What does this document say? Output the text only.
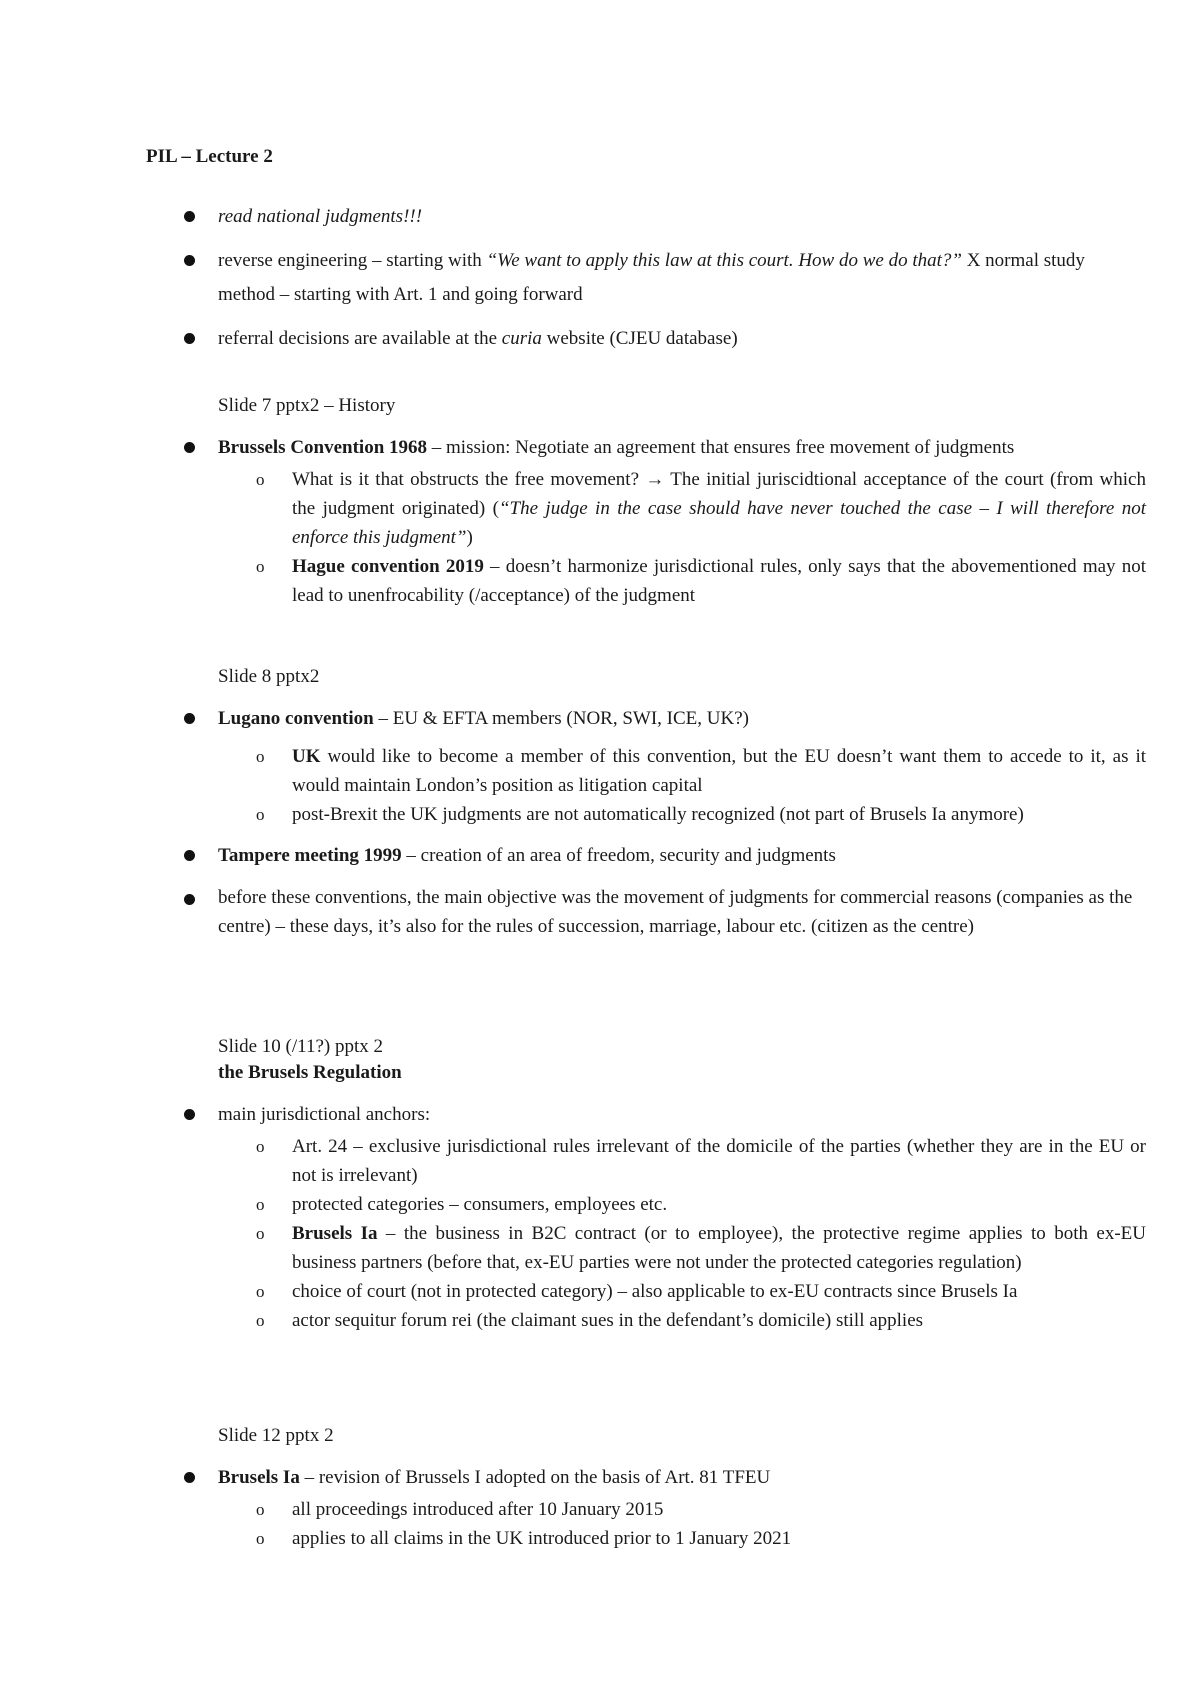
PIL – Lecture 2
read national judgments!!!
reverse engineering – starting with “We want to apply this law at this court. How do we do that?” X normal study method – starting with Art. 1 and going forward
referral decisions are available at the curia website (CJEU database)
Slide 7 pptx2 – History
Brussels Convention 1968 – mission: Negotiate an agreement that ensures free movement of judgments
o What is it that obstructs the free movement? → The initial juriscidtional acceptance of the court (from which the judgment originated) (“The judge in the case should have never touched the case – I will therefore not enforce this judgment”)
o Hague convention 2019 – doesn’t harmonize jurisdictional rules, only says that the abovementioned may not lead to unenfrocability (/acceptance) of the judgment
Slide 8 pptx2
Lugano convention – EU & EFTA members (NOR, SWI, ICE, UK?)
o UK would like to become a member of this convention, but the EU doesn’t want them to accede to it, as it would maintain London’s position as litigation capital
o post-Brexit the UK judgments are not automatically recognized (not part of Brusels Ia anymore)
Tampere meeting 1999 – creation of an area of freedom, security and judgments
before these conventions, the main objective was the movement of judgments for commercial reasons (companies as the centre) – these days, it’s also for the rules of succession, marriage, labour etc. (citizen as the centre)
Slide 10 (/11?) pptx 2
the Brusels Regulation
main jurisdictional anchors:
o Art. 24 – exclusive jurisdictional rules irrelevant of the domicile of the parties (whether they are in the EU or not is irrelevant)
o protected categories – consumers, employees etc.
o Brusels Ia – the business in B2C contract (or to employee), the protective regime applies to both ex-EU business partners (before that, ex-EU parties were not under the protected categories regulation)
o choice of court (not in protected category) – also applicable to ex-EU contracts since Brusels Ia
o actor sequitur forum rei (the claimant sues in the defendant’s domicile) still applies
Slide 12 pptx 2
Brusels Ia – revision of Brussels I adopted on the basis of Art. 81 TFEU
o all proceedings introduced after 10 January 2015
o applies to all claims in the UK introduced prior to 1 January 2021
